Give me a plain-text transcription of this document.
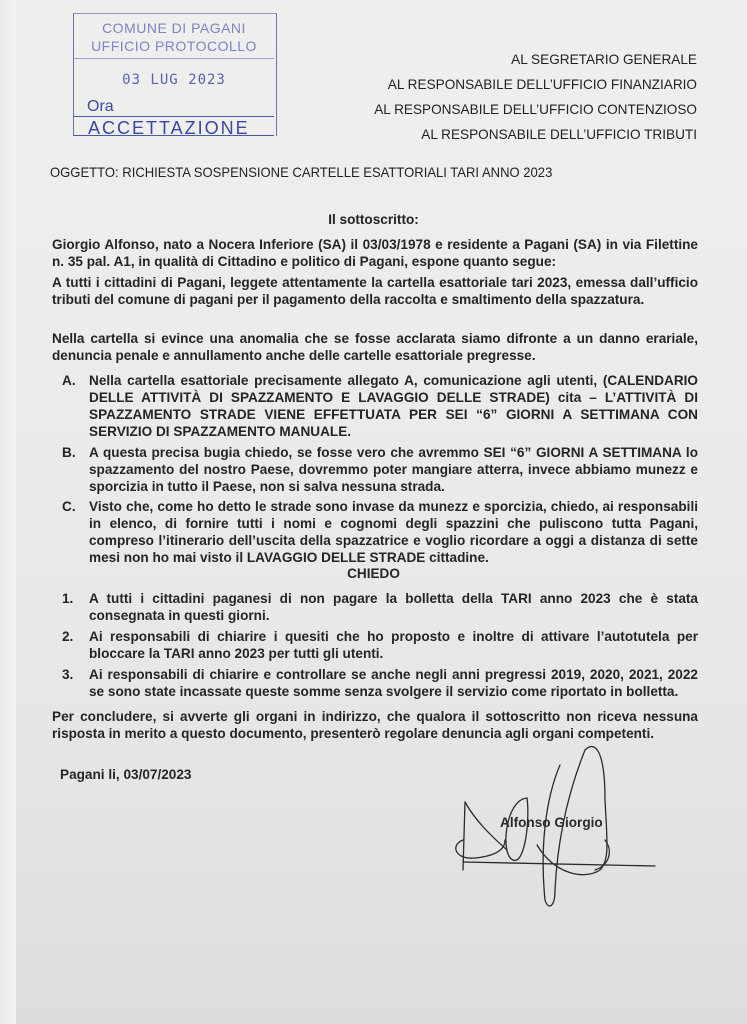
COMUNE DI PAGANI
UFFICIO PROTOCOLLO
03 LUG 2023
Ora
ACCETTAZIONE
AL SEGRETARIO GENERALE
AL RESPONSABILE DELL’UFFICIO FINANZIARIO
AL RESPONSABILE DELL’UFFICIO CONTENZIOSO
AL RESPONSABILE DELL’UFFICIO TRIBUTI
OGGETTO: RICHIESTA SOSPENSIONE CARTELLE ESATTORIALI TARI ANNO 2023
Il sottoscritto:
Giorgio Alfonso, nato a Nocera Inferiore (SA) il 03/03/1978 e residente a Pagani (SA) in via Filettine n. 35 pal. A1, in qualità di Cittadino e politico di Pagani, espone quanto segue:
A tutti i cittadini di Pagani, leggete attentamente la cartella esattoriale tari 2023, emessa dall’ufficio tributi del comune di pagani per il pagamento della raccolta e smaltimento della spazzatura.
Nella cartella si evince una anomalia che se fosse acclarata siamo difronte a un danno erariale, denuncia penale e annullamento anche delle cartelle esattoriale pregresse.
A. Nella cartella esattoriale precisamente allegato A, comunicazione agli utenti, (CALENDARIO DELLE ATTIVITÀ DI SPAZZAMENTO E LAVAGGIO DELLE STRADE) cita – L’ATTIVITÀ DI SPAZZAMENTO STRADE VIENE EFFETTUATA PER SEI “6” GIORNI A SETTIMANA CON SERVIZIO DI SPAZZAMENTO MANUALE.
B. A questa precisa bugia chiedo, se fosse vero che avremmo SEI “6” GIORNI A SETTIMANA lo spazzamento del nostro Paese, dovremmo poter mangiare atterra, invece abbiamo munezz e sporcizia in tutto il Paese, non si salva nessuna strada.
C. Visto che, come ho detto le strade sono invase da munezz e sporcizia, chiedo, ai responsabili in elenco, di fornire tutti i nomi e cognomi degli spazzini che puliscono tutta Pagani, compreso l’itinerario dell’uscita della spazzatrice e voglio ricordare a oggi a distanza di sette mesi non ho mai visto il LAVAGGIO DELLE STRADE cittadine.
CHIEDO
1. A tutti i cittadini paganesi di non pagare la bolletta della TARI anno 2023 che è stata consegnata in questi giorni.
2. Ai responsabili di chiarire i quesiti che ho proposto e inoltre di attivare l’autotutela per bloccare la TARI anno 2023 per tutti gli utenti.
3. Ai responsabili di chiarire e controllare se anche negli anni pregressi 2019, 2020, 2021, 2022 se sono state incassate queste somme senza svolgere il servizio come riportato in bolletta.
Per concludere, si avverte gli organi in indirizzo, che qualora il sottoscritto non riceva nessuna risposta in merito a questo documento, presenterò regolare denuncia agli organi competenti.
Pagani li, 03/07/2023
Alfonso Giorgio
